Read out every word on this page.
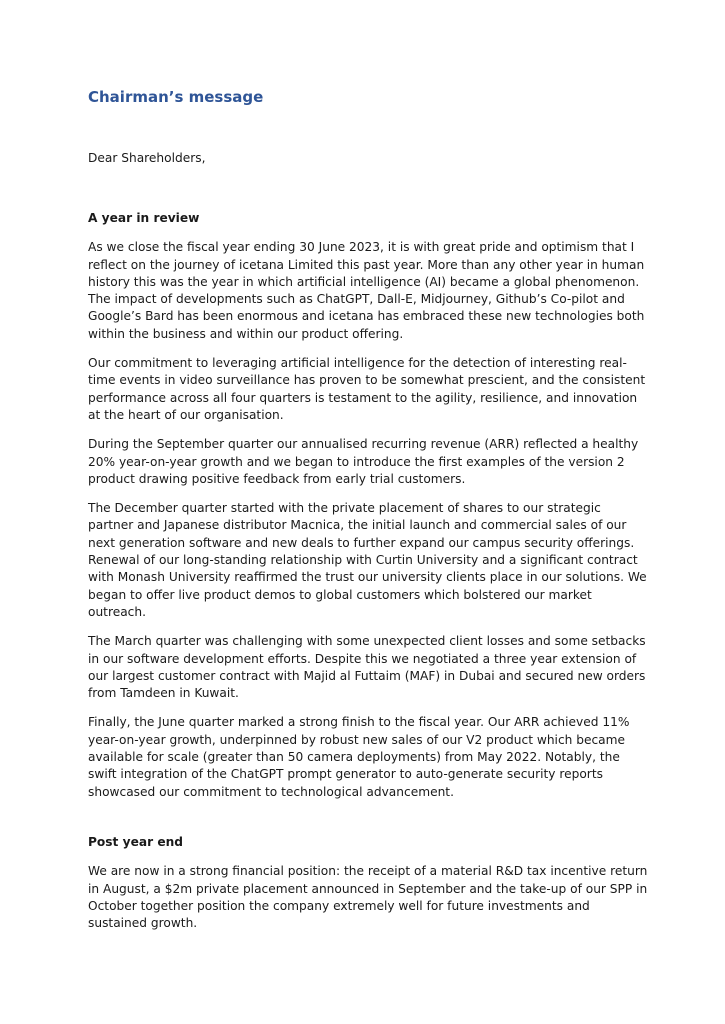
Chairman’s message

Dear Shareholders,

A year in review

As we close the fiscal year ending 30 June 2023, it is with great pride and optimism that I reflect on the journey of icetana Limited this past year. More than any other year in human history this was the year in which artificial intelligence (AI) became a global phenomenon. The impact of developments such as ChatGPT, Dall-E, Midjourney, Github’s Co-pilot and Google’s Bard has been enormous and icetana has embraced these new technologies both within the business and within our product offering.

Our commitment to leveraging artificial intelligence for the detection of interesting real-time events in video surveillance has proven to be somewhat prescient, and the consistent performance across all four quarters is testament to the agility, resilience, and innovation at the heart of our organisation.

During the September quarter our annualised recurring revenue (ARR) reflected a healthy 20% year-on-year growth and we began to introduce the first examples of the version 2 product drawing positive feedback from early trial customers.

The December quarter started with the private placement of shares to our strategic partner and Japanese distributor Macnica, the initial launch and commercial sales of our next generation software and new deals to further expand our campus security offerings. Renewal of our long-standing relationship with Curtin University and a significant contract with Monash University reaffirmed the trust our university clients place in our solutions. We began to offer live product demos to global customers which bolstered our market outreach.

The March quarter was challenging with some unexpected client losses and some setbacks in our software development efforts. Despite this we negotiated a three year extension of our largest customer contract with Majid al Futtaim (MAF) in Dubai and secured new orders from Tamdeen in Kuwait.

Finally, the June quarter marked a strong finish to the fiscal year. Our ARR achieved 11% year-on-year growth, underpinned by robust new sales of our V2 product which became available for scale (greater than 50 camera deployments) from May 2022. Notably, the swift integration of the ChatGPT prompt generator to auto-generate security reports showcased our commitment to technological advancement.

Post year end

We are now in a strong financial position: the receipt of a material R&D tax incentive return in August, a $2m private placement announced in September and the take-up of our SPP in October together position the company extremely well for future investments and sustained growth.
